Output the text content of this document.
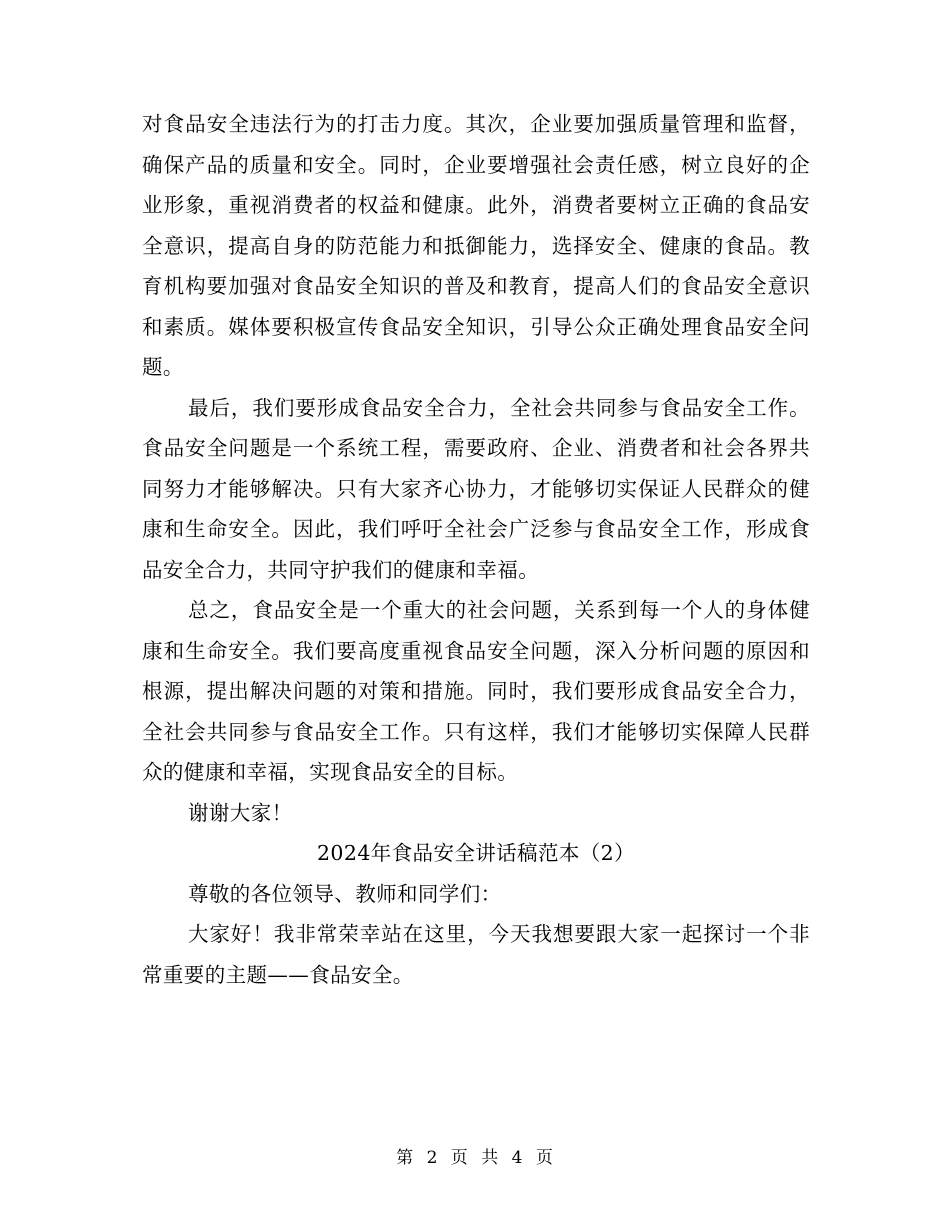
对食品安全违法行为的打击力度。其次，企业要加强质量管理和监督，确保产品的质量和安全。同时，企业要增强社会责任感，树立良好的企业形象，重视消费者的权益和健康。此外，消费者要树立正确的食品安全意识，提高自身的防范能力和抵御能力，选择安全、健康的食品。教育机构要加强对食品安全知识的普及和教育，提高人们的食品安全意识和素质。媒体要积极宣传食品安全知识，引导公众正确处理食品安全问题。

最后，我们要形成食品安全合力，全社会共同参与食品安全工作。食品安全问题是一个系统工程，需要政府、企业、消费者和社会各界共同努力才能够解决。只有大家齐心协力，才能够切实保证人民群众的健康和生命安全。因此，我们呼吁全社会广泛参与食品安全工作，形成食品安全合力，共同守护我们的健康和幸福。

总之，食品安全是一个重大的社会问题，关系到每一个人的身体健康和生命安全。我们要高度重视食品安全问题，深入分析问题的原因和根源，提出解决问题的对策和措施。同时，我们要形成食品安全合力，全社会共同参与食品安全工作。只有这样，我们才能够切实保障人民群众的健康和幸福，实现食品安全的目标。

谢谢大家！

2024年食品安全讲话稿范本（2）

尊敬的各位领导、教师和同学们：

大家好！我非常荣幸站在这里，今天我想要跟大家一起探讨一个非常重要的主题——食品安全。

第 2 页 共 4 页
